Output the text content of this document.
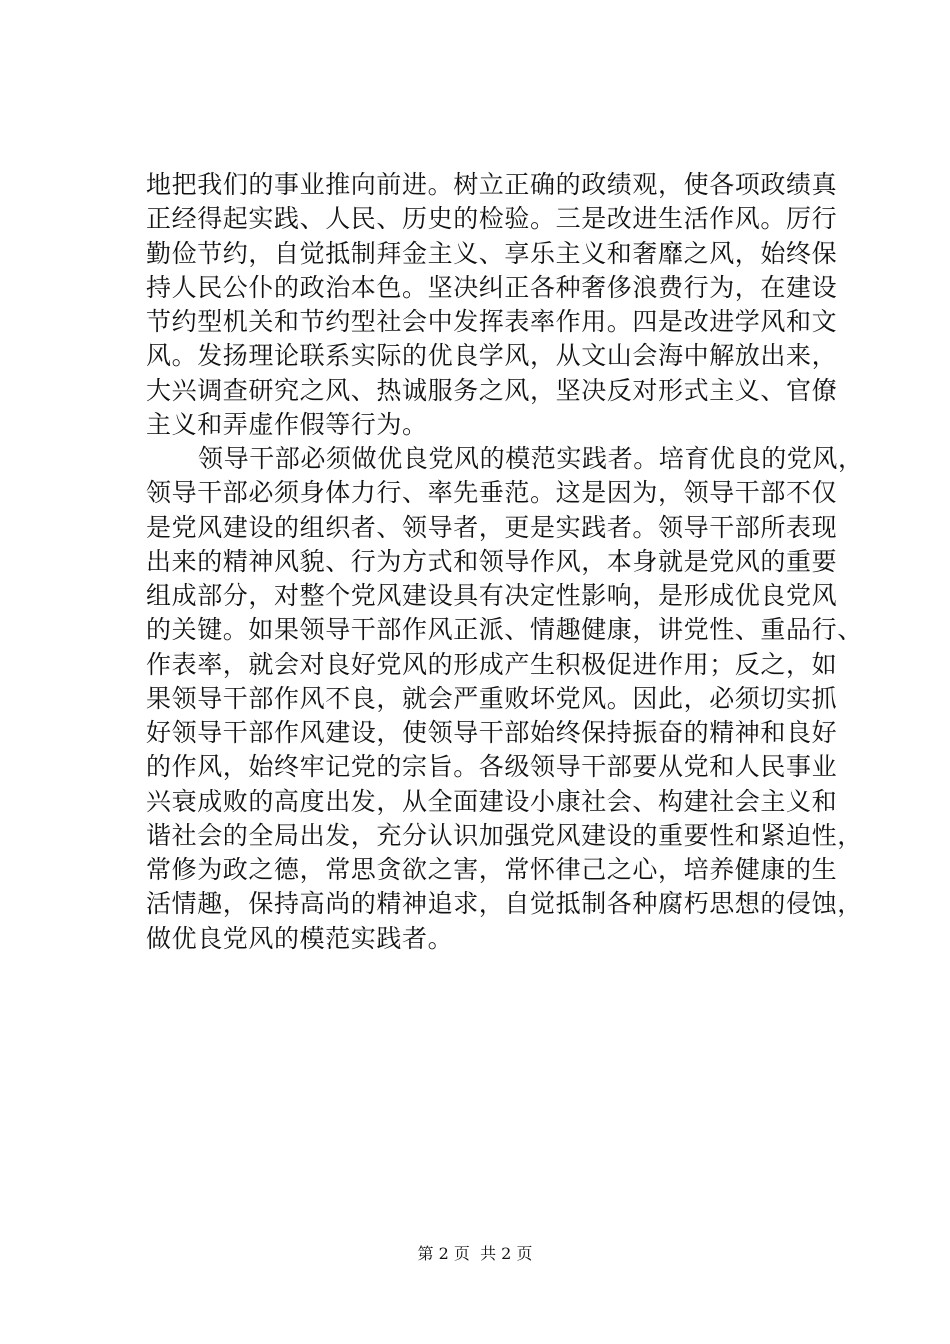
地把我们的事业推向前进。树立正确的政绩观，使各项政绩真
正经得起实践、人民、历史的检验。三是改进生活作风。厉行
勤俭节约，自觉抵制拜金主义、享乐主义和奢靡之风，始终保
持人民公仆的政治本色。坚决纠正各种奢侈浪费行为，在建设
节约型机关和节约型社会中发挥表率作用。四是改进学风和文
风。发扬理论联系实际的优良学风，从文山会海中解放出来，
大兴调查研究之风、热诚服务之风，坚决反对形式主义、官僚
主义和弄虚作假等行为。
领导干部必须做优良党风的模范实践者。培育优良的党风，
领导干部必须身体力行、率先垂范。这是因为，领导干部不仅
是党风建设的组织者、领导者，更是实践者。领导干部所表现
出来的精神风貌、行为方式和领导作风，本身就是党风的重要
组成部分，对整个党风建设具有决定性影响，是形成优良党风
的关键。如果领导干部作风正派、情趣健康，讲党性、重品行、
作表率，就会对良好党风的形成产生积极促进作用；反之，如
果领导干部作风不良，就会严重败坏党风。因此，必须切实抓
好领导干部作风建设，使领导干部始终保持振奋的精神和良好
的作风，始终牢记党的宗旨。各级领导干部要从党和人民事业
兴衰成败的高度出发，从全面建设小康社会、构建社会主义和
谐社会的全局出发，充分认识加强党风建设的重要性和紧迫性，
常修为政之德，常思贪欲之害，常怀律己之心，培养健康的生
活情趣，保持高尚的精神追求，自觉抵制各种腐朽思想的侵蚀，
做优良党风的模范实践者。
第 2 页  共 2 页
